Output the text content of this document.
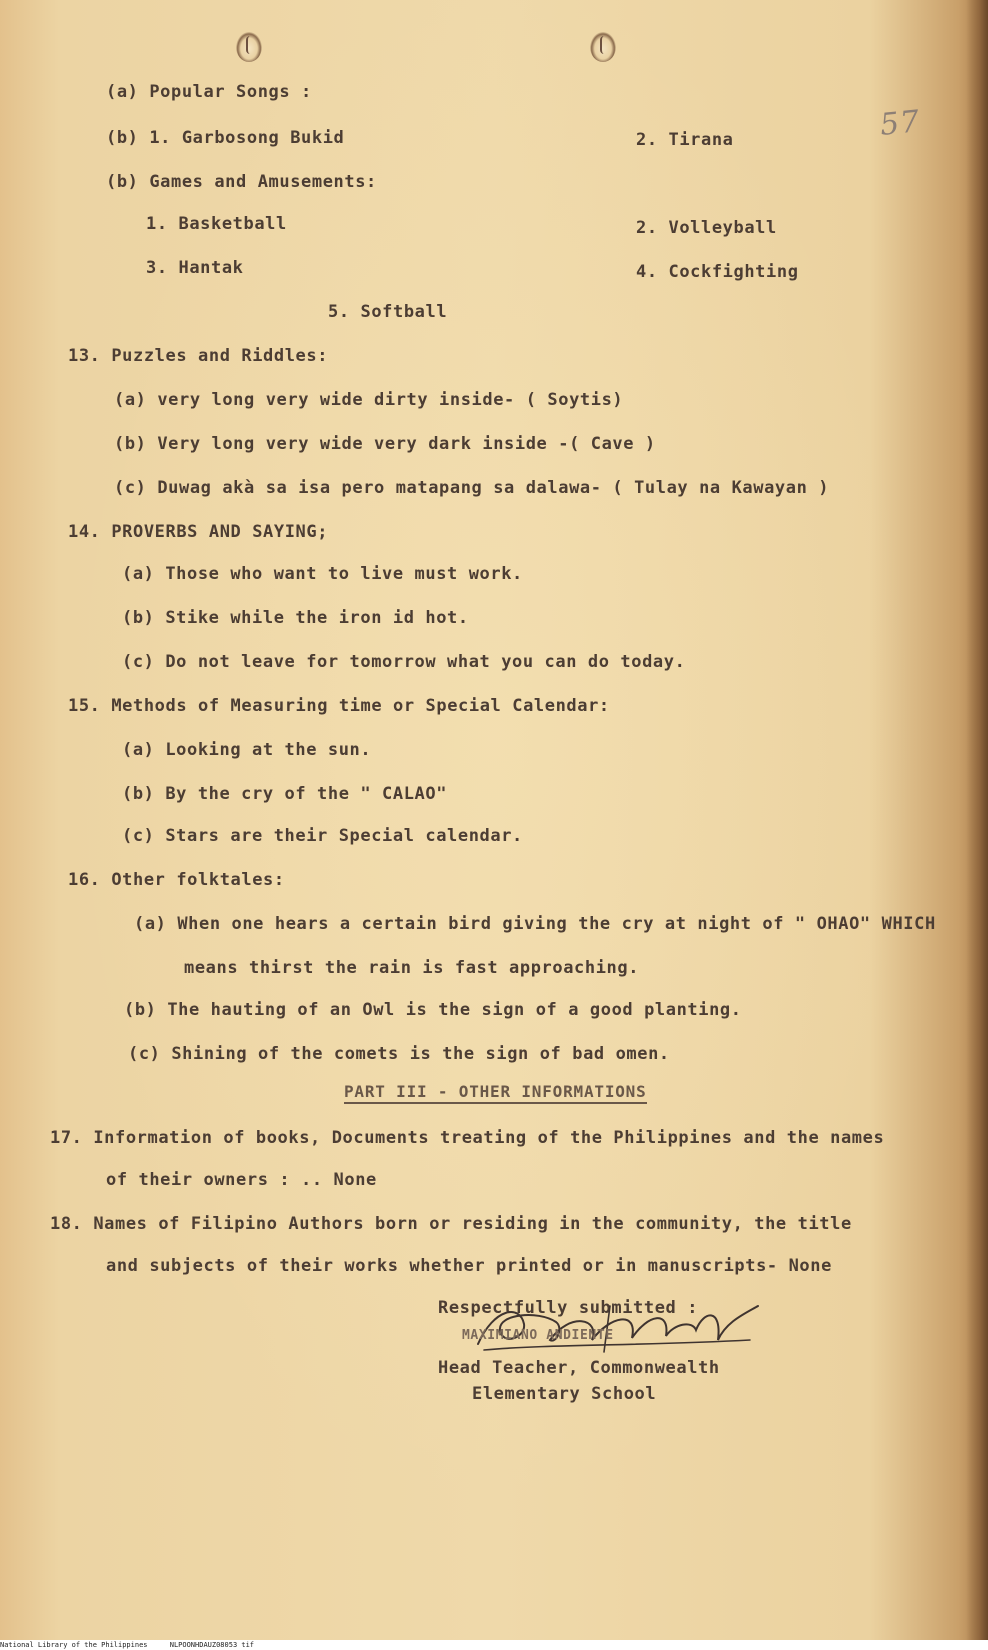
57
(a) Popular Songs :
(b) 1. Garbosong Bukid	2. Tirana
(b) Games and Amusements:
1. Basketball	2. Volleyball
3. Hantak	4. Cockfighting
5. Softball
13. Puzzles and Riddles:
(a) very long very wide dirty inside- ( Soytis)
(b) Very long very wide very dark inside -( Cave )
(c) Duwag akà sa isa pero matapang sa dalawa- ( Tulay na Kawayan )
14. PROVERBS AND SAYING;
(a) Those who want to live must work.
(b) Stike while the iron id hot.
(c) Do not leave for tomorrow what you can do today.
15. Methods of Measuring time or Special Calendar:
(a) Looking at the sun.
(b) By the cry of the " CALAO"
(c) Stars are their Special calendar.
16. Other folktales:
(a) When one hears a certain bird giving the cry at night of " OHAO" WHICH
means thirst the rain is fast approaching.
(b) The hauting of an Owl is the sign of a good planting.
(c) Shining of the comets is the sign of bad omen.
PART III - OTHER INFORMATIONS
17. Information of books, Documents treating of the Philippines and the names
of their owners : .. None
18. Names of Filipino Authors born or residing in the community, the title
and subjects of their works whether printed or in manuscripts- None
Respectfully submitted :
MAXIMIANO ANDIENTE
Head Teacher, Commonwealth
Elementary School
National Library of the Philippines	NLPOONHDAUZ08053 tif
